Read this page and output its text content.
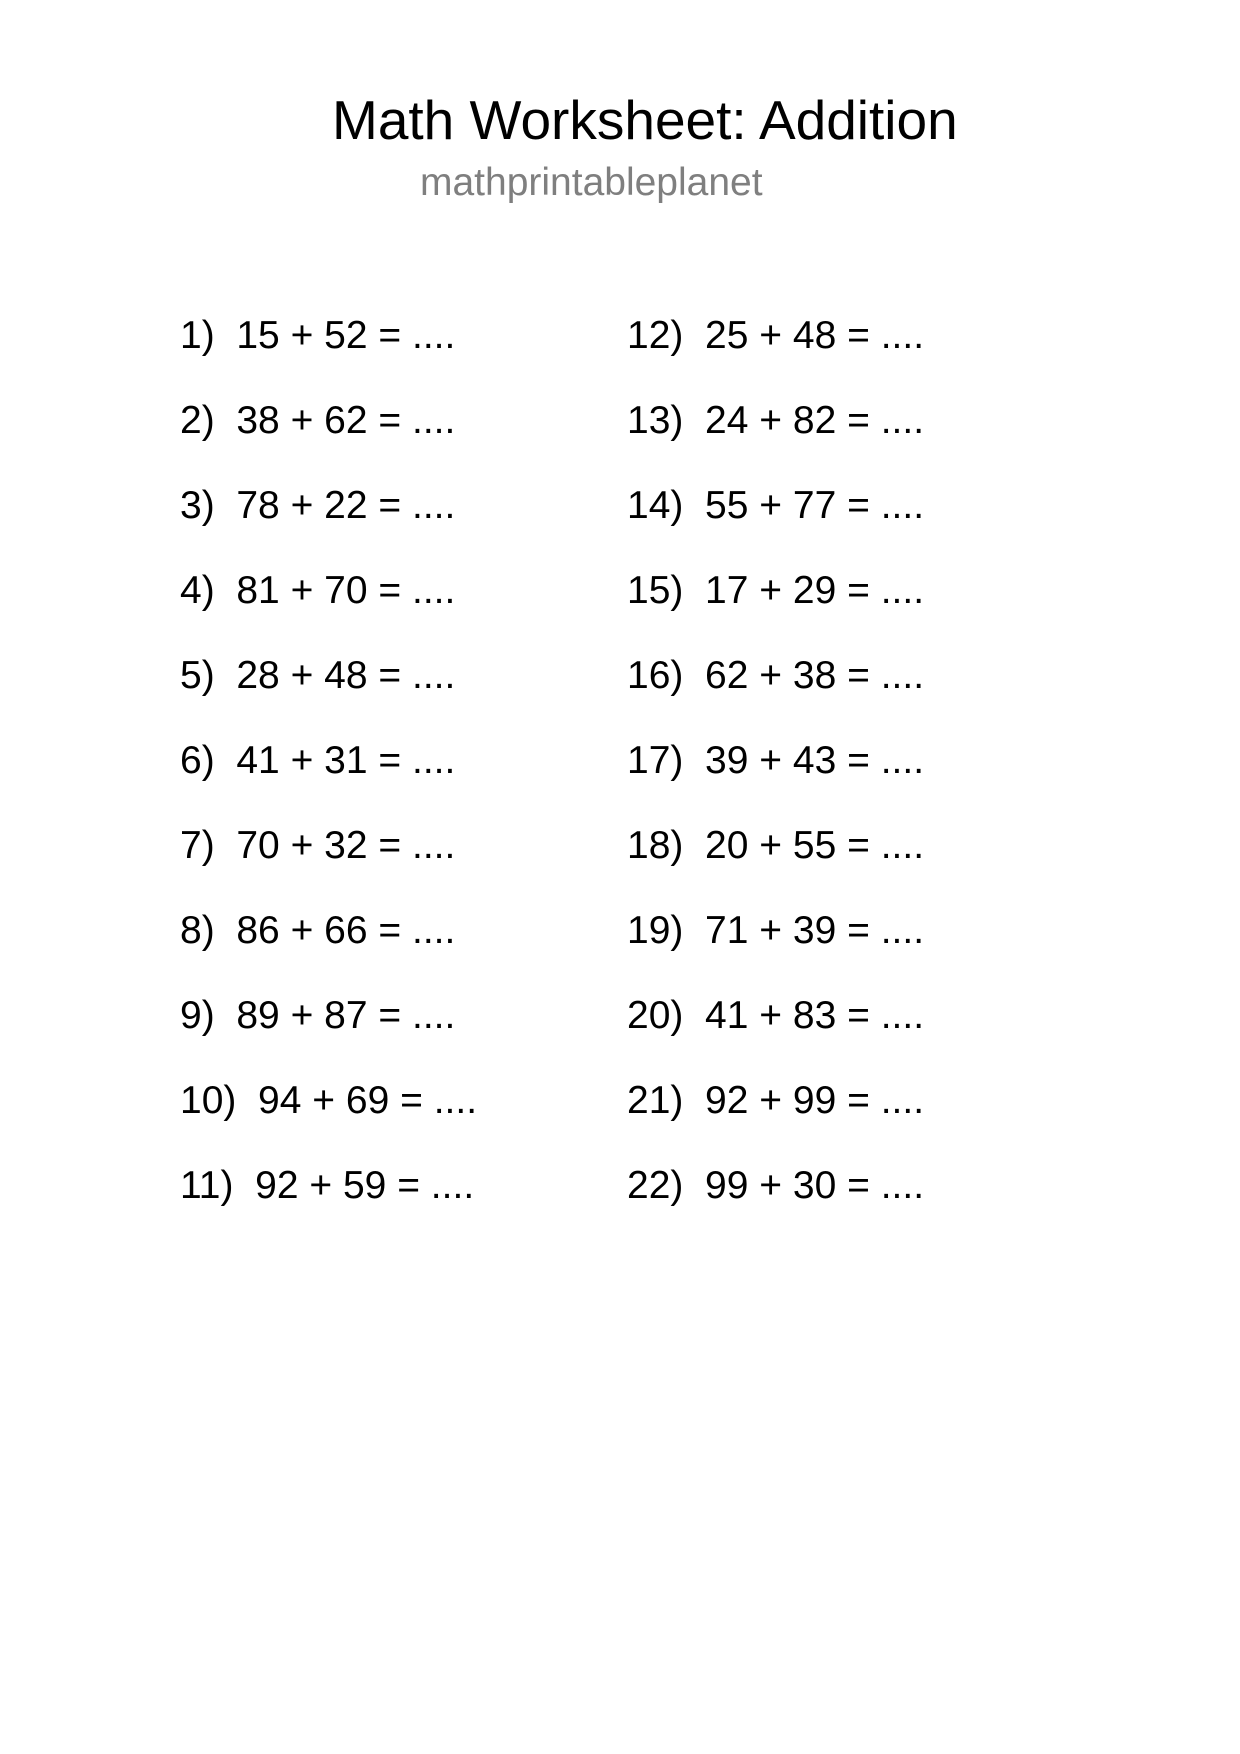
Math Worksheet: Addition
mathprintableplanet
1) 15 + 52 = ....
2) 38 + 62 = ....
3) 78 + 22 = ....
4) 81 + 70 = ....
5) 28 + 48 = ....
6) 41 + 31 = ....
7) 70 + 32 = ....
8) 86 + 66 = ....
9) 89 + 87 = ....
10) 94 + 69 = ....
11) 92 + 59 = ....
12) 25 + 48 = ....
13) 24 + 82 = ....
14) 55 + 77 = ....
15) 17 + 29 = ....
16) 62 + 38 = ....
17) 39 + 43 = ....
18) 20 + 55 = ....
19) 71 + 39 = ....
20) 41 + 83 = ....
21) 92 + 99 = ....
22) 99 + 30 = ....
